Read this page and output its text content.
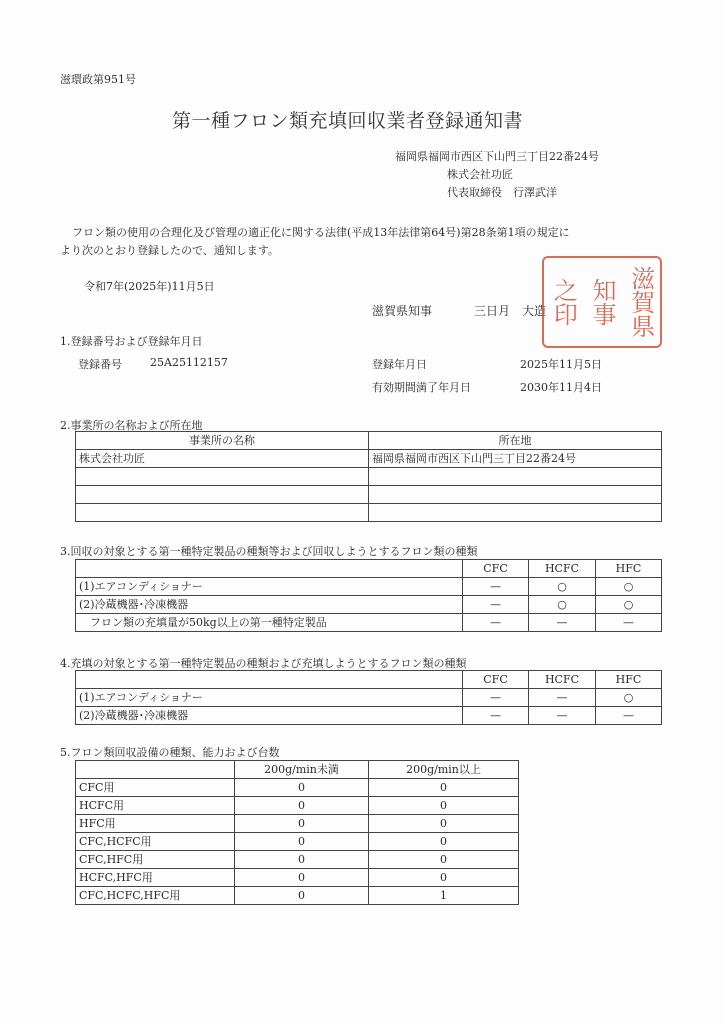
滋環政第951号
第一種フロン類充填回収業者登録通知書
福岡県福岡市西区下山門三丁目22番24号
株式会社功匠
代表取締役　行澤武洋
フロン類の使用の合理化及び管理の適正化に関する法律(平成13年法律第64号)第28条第1項の規定に
より次のとおり登録したので、通知します。
令和7年(2025年)11月5日
滋賀県知事	三日月　大造	滋賀県
知事
之印
1.登録番号および登録年月日
登録番号	25A25112157	登録年月日	2025年11月5日
有効期間満了年月日	2030年11月4日
2.事業所の名称および所在地
事業所の名称	所在地
株式会社功匠	福岡県福岡市西区下山門三丁目22番24号

3.回収の対象とする第一種特定製品の種類等および回収しようとするフロン類の種類
	CFC	HCFC	HFC
(1)エアコンディショナー	—	○	○
(2)冷蔵機器･冷凍機器	—	○	○
　フロン類の充填量が50kg以上の第一種特定製品	—	—	—
4.充填の対象とする第一種特定製品の種類および充填しようとするフロン類の種類
	CFC	HCFC	HFC
(1)エアコンディショナー	—	—	○
(2)冷蔵機器･冷凍機器	—	—	—
5.フロン類回収設備の種類、能力および台数
	200g/min未満	200g/min以上
CFC用	0	0
HCFC用	0	0
HFC用	0	0
CFC,HCFC用	0	0
CFC,HFC用	0	0
HCFC,HFC用	0	0
CFC,HCFC,HFC用	0	1
